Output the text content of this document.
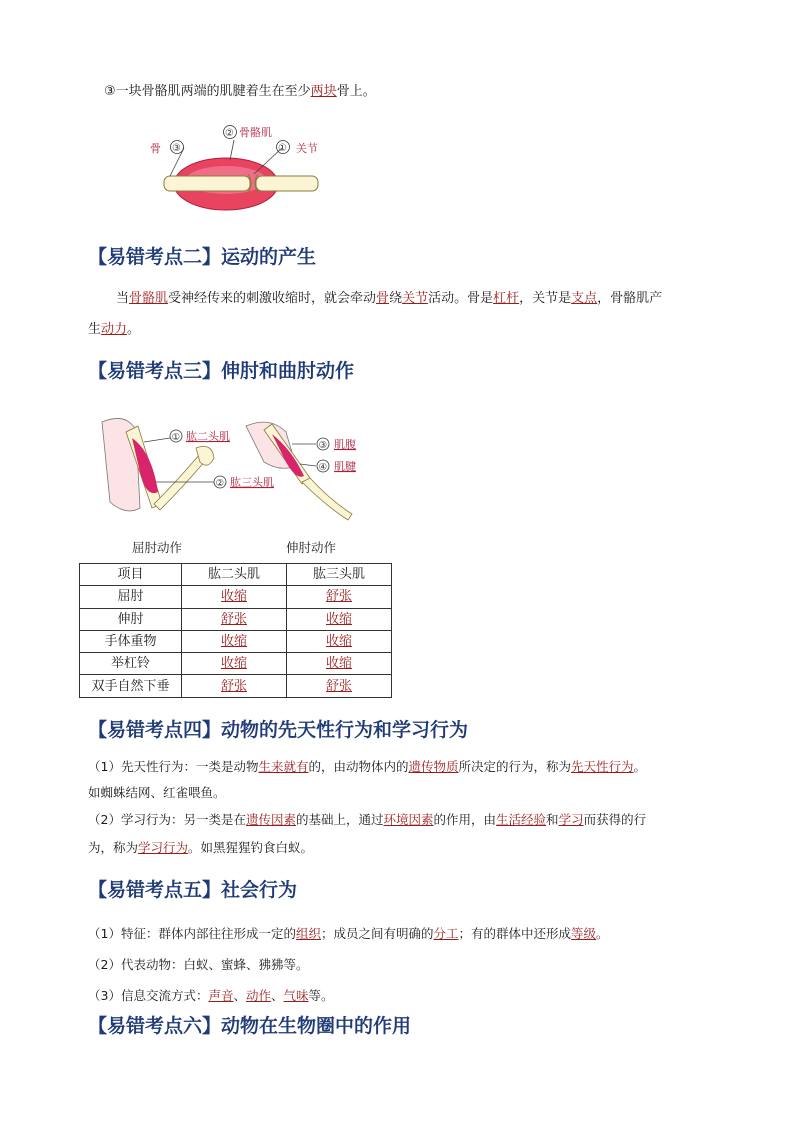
③一块骨骼肌两端的肌腱着生在至少两块骨上。
骨 ③
② 骨骼肌
① 关节
【易错考点二】运动的产生
当骨骼肌受神经传来的刺激收缩时，就会牵动骨绕关节活动。骨是杠杆，关节是支点，骨骼肌产
生动力。
【易错考点三】伸肘和曲肘动作
① 肱二头肌
② 肱三头肌
③ 肌腹
④ 肌腱
屈肘动作	伸肘动作
项目	肱二头肌	肱三头肌
屈肘	收缩	舒张
伸肘	舒张	收缩
手体重物	收缩	收缩
举杠铃	收缩	收缩
双手自然下垂	舒张	舒张
【易错考点四】动物的先天性行为和学习行为
（1）先天性行为：一类是动物生来就有的，由动物体内的遗传物质所决定的行为，称为先天性行为。
如蜘蛛结网、红雀喂鱼。
（2）学习行为：另一类是在遗传因素的基础上，通过环境因素的作用，由生活经验和学习而获得的行
为，称为学习行为。如黑猩猩钓食白蚁。
【易错考点五】社会行为
（1）特征：群体内部往往形成一定的组织；成员之间有明确的分工；有的群体中还形成等级。
（2）代表动物：白蚁、蜜蜂、狒狒等。
（3）信息交流方式：声音、动作、气味等。
【易错考点六】动物在生物圈中的作用
